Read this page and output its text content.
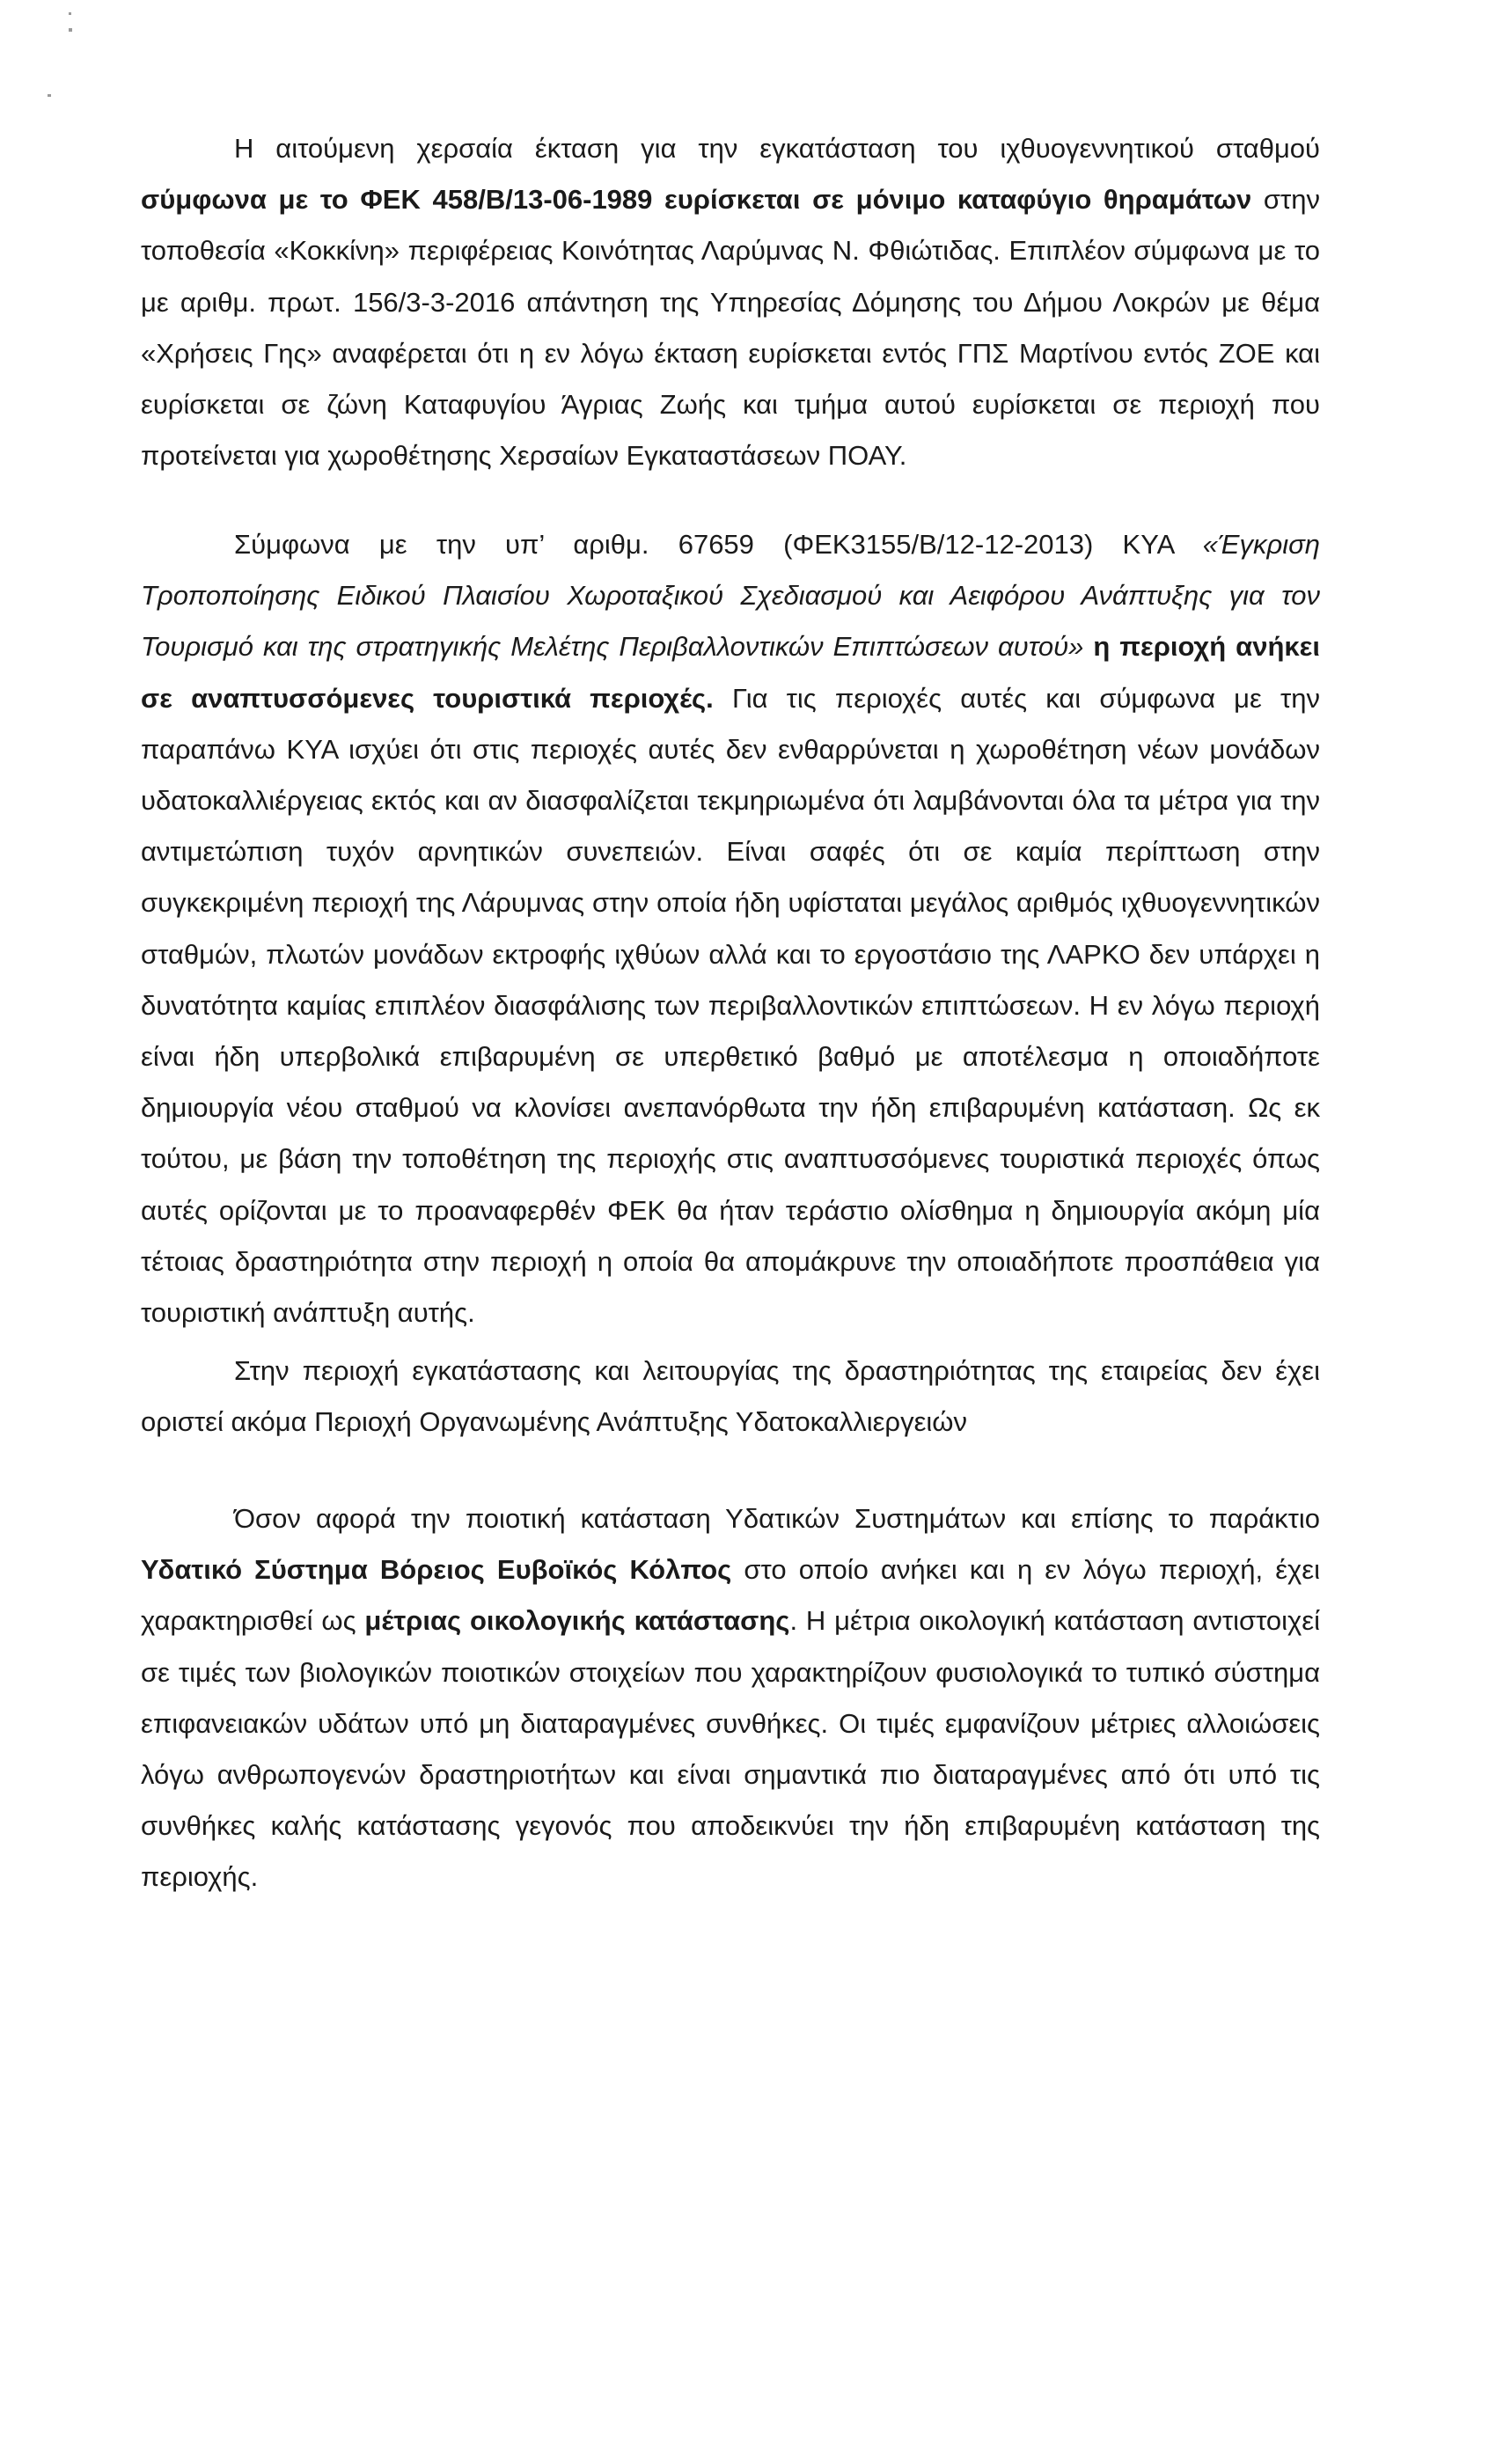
Η αιτούμενη χερσαία έκταση για την εγκατάσταση του ιχθυογεννητικού σταθμού σύμφωνα με το ΦΕΚ 458/Β/13-06-1989 ευρίσκεται σε μόνιμο καταφύγιο θηραμάτων στην τοποθεσία «Κοκκίνη» περιφέρειας Κοινότητας Λαρύμνας Ν. Φθιώτιδας. Επιπλέον σύμφωνα με το με αριθμ. πρωτ. 156/3-3-2016 απάντηση της Υπηρεσίας Δόμησης του Δήμου Λοκρών με θέμα «Χρήσεις Γης» αναφέρεται ότι η εν λόγω έκταση ευρίσκεται εντός ΓΠΣ Μαρτίνου εντός ΖΟΕ και ευρίσκεται σε ζώνη Καταφυγίου Άγριας Ζωής και τμήμα αυτού ευρίσκεται σε περιοχή που προτείνεται για χωροθέτησης Χερσαίων Εγκαταστάσεων ΠΟΑΥ.

Σύμφωνα με την υπ’ αριθμ. 67659 (ΦΕΚ3155/Β/12-12-2013) ΚΥΑ «Έγκριση Τροποποίησης Ειδικού Πλαισίου Χωροταξικού Σχεδιασμού και Αειφόρου Ανάπτυξης για τον Τουρισμό και της στρατηγικής Μελέτης Περιβαλλοντικών Επιπτώσεων αυτού» η περιοχή ανήκει σε αναπτυσσόμενες τουριστικά περιοχές. Για τις περιοχές αυτές και σύμφωνα με την παραπάνω ΚΥΑ ισχύει ότι στις περιοχές αυτές δεν ενθαρρύνεται η χωροθέτηση νέων μονάδων υδατοκαλλιέργειας εκτός και αν διασφαλίζεται τεκμηριωμένα ότι λαμβάνονται όλα τα μέτρα για την αντιμετώπιση τυχόν αρνητικών συνεπειών. Είναι σαφές ότι σε καμία περίπτωση στην συγκεκριμένη περιοχή της Λάρυμνας στην οποία ήδη υφίσταται μεγάλος αριθμός ιχθυογεννητικών σταθμών, πλωτών μονάδων εκτροφής ιχθύων αλλά και το εργοστάσιο της ΛΑΡΚΟ δεν υπάρχει η δυνατότητα καμίας επιπλέον διασφάλισης των περιβαλλοντικών επιπτώσεων. Η εν λόγω περιοχή είναι ήδη υπερβολικά επιβαρυμένη σε υπερθετικό βαθμό με αποτέλεσμα η οποιαδήποτε δημιουργία νέου σταθμού να κλονίσει ανεπανόρθωτα την ήδη επιβαρυμένη κατάσταση. Ως εκ τούτου, με βάση την τοποθέτηση της περιοχής στις αναπτυσσόμενες τουριστικά περιοχές όπως αυτές ορίζονται με το προαναφερθέν ΦΕΚ θα ήταν τεράστιο ολίσθημα η δημιουργία ακόμη μία τέτοιας δραστηριότητα στην περιοχή η οποία θα απομάκρυνε την οποιαδήποτε προσπάθεια για τουριστική ανάπτυξη αυτής.

Στην περιοχή εγκατάστασης και λειτουργίας της δραστηριότητας της εταιρείας δεν έχει οριστεί ακόμα Περιοχή Οργανωμένης Ανάπτυξης Υδατοκαλλιεργειών

Όσον αφορά την ποιοτική κατάσταση Υδατικών Συστημάτων και επίσης το παράκτιο Υδατικό Σύστημα Βόρειος Ευβοϊκός Κόλπος στο οποίο ανήκει και η εν λόγω περιοχή, έχει χαρακτηρισθεί ως μέτριας οικολογικής κατάστασης. Η μέτρια οικολογική κατάσταση αντιστοιχεί σε τιμές των βιολογικών ποιοτικών στοιχείων που χαρακτηρίζουν φυσιολογικά το τυπικό σύστημα επιφανειακών υδάτων υπό μη διαταραγμένες συνθήκες. Οι τιμές εμφανίζουν μέτριες αλλοιώσεις λόγω ανθρωπογενών δραστηριοτήτων και είναι σημαντικά πιο διαταραγμένες από ότι υπό τις συνθήκες καλής κατάστασης γεγονός που αποδεικνύει την ήδη επιβαρυμένη κατάσταση της περιοχής.
